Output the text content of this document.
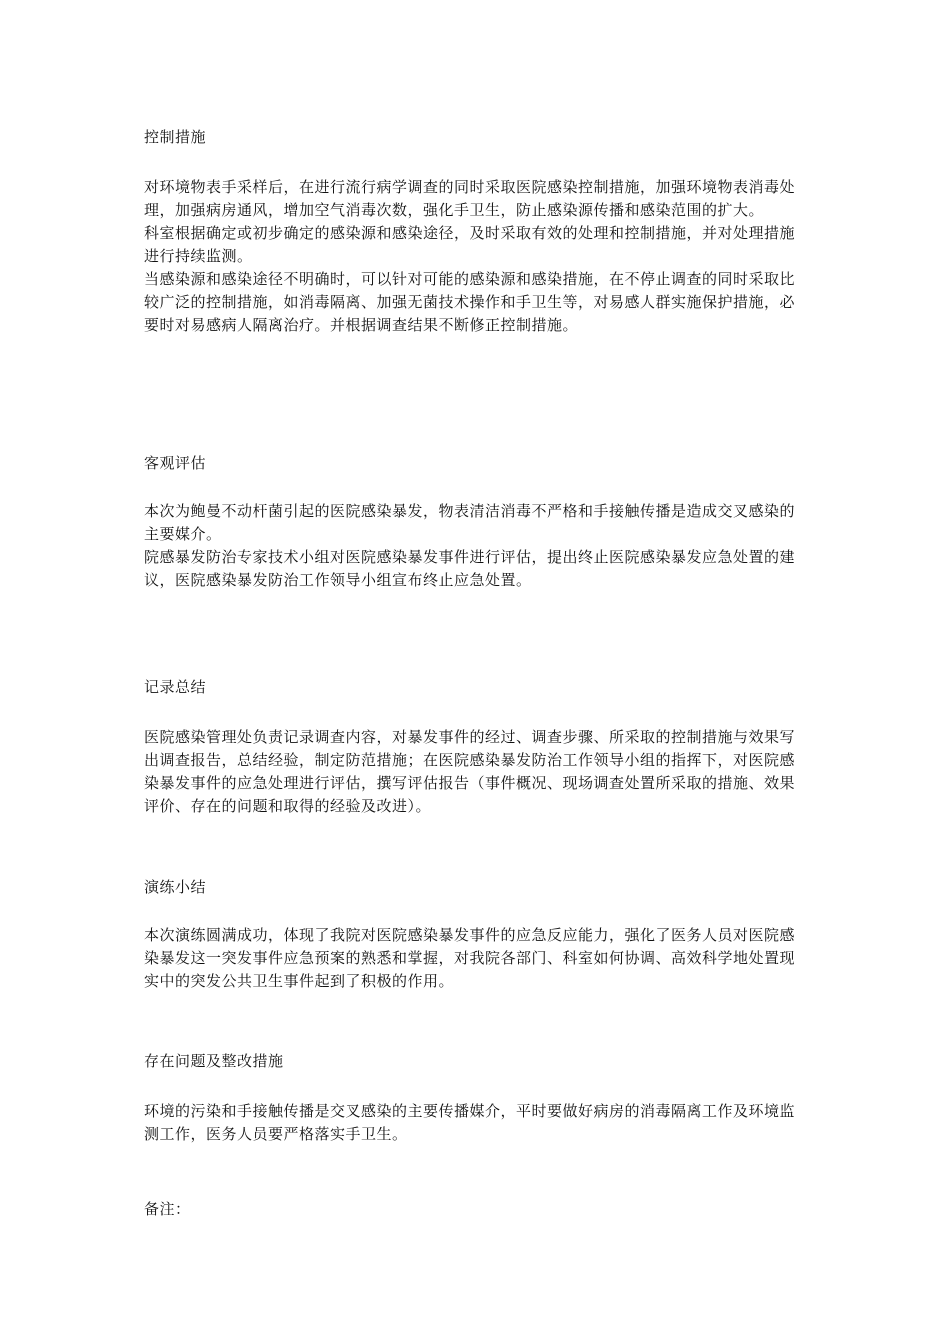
控制措施

对环境物表手采样后，在进行流行病学调查的同时采取医院感染控制措施，加强环境物表消毒处理，加强病房通风，增加空气消毒次数，强化手卫生，防止感染源传播和感染范围的扩大。

科室根据确定或初步确定的感染源和感染途径，及时采取有效的处理和控制措施，并对处理措施进行持续监测。

当感染源和感染途径不明确时，可以针对可能的感染源和感染措施，在不停止调查的同时采取比较广泛的控制措施，如消毒隔离、加强无菌技术操作和手卫生等，对易感人群实施保护措施，必要时对易感病人隔离治疗。并根据调查结果不断修正控制措施。

客观评估

本次为鲍曼不动杆菌引起的医院感染暴发，物表清洁消毒不严格和手接触传播是造成交叉感染的主要媒介。

院感暴发防治专家技术小组对医院感染暴发事件进行评估，提出终止医院感染暴发应急处置的建议，医院感染暴发防治工作领导小组宣布终止应急处置。

记录总结

医院感染管理处负责记录调查内容，对暴发事件的经过、调查步骤、所采取的控制措施与效果写出调查报告，总结经验，制定防范措施；在医院感染暴发防治工作领导小组的指挥下，对医院感染暴发事件的应急处理进行评估，撰写评估报告（事件概况、现场调查处置所采取的措施、效果评价、存在的问题和取得的经验及改进）。

演练小结

本次演练圆满成功，体现了我院对医院感染暴发事件的应急反应能力，强化了医务人员对医院感染暴发这一突发事件应急预案的熟悉和掌握，对我院各部门、科室如何协调、高效科学地处置现实中的突发公共卫生事件起到了积极的作用。

存在问题及整改措施

环境的污染和手接触传播是交叉感染的主要传播媒介，平时要做好病房的消毒隔离工作及环境监测工作，医务人员要严格落实手卫生。

备注：
